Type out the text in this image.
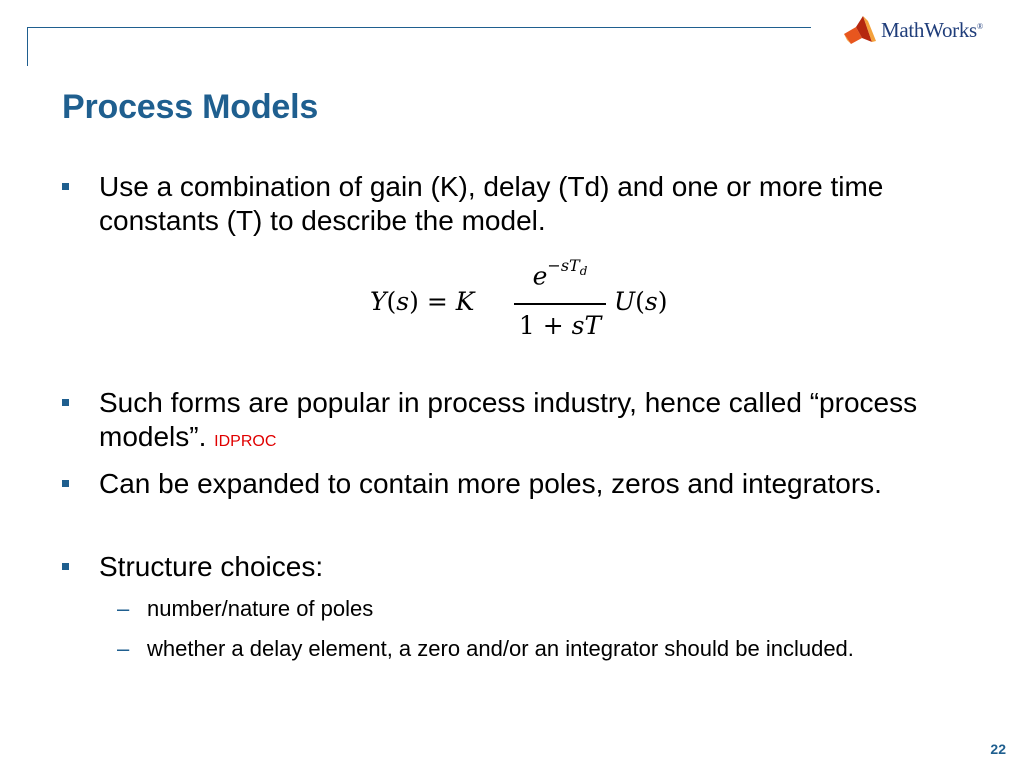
MathWorks®
Process Models
Use a combination of gain (K), delay (Td) and one or more time constants (T) to describe the model.
Y(s) = K
$e^{-sT_d}$
1 + sT
U(s)
Such forms are popular in process industry, hence called “process models”. IDPROC
Can be expanded to contain more poles, zeros and integrators.
Structure choices:
– number/nature of poles
– whether a delay element, a zero and/or an integrator should be included.
22
